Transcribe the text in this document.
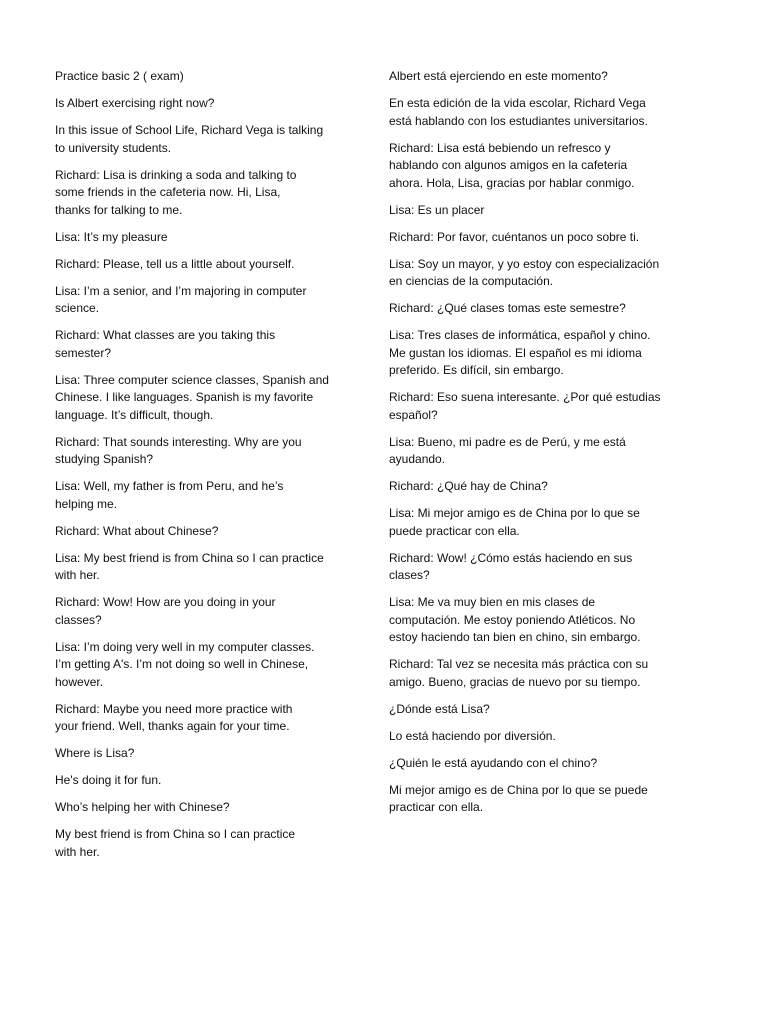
Practice basic 2 ( exam)

Is Albert exercising right now?

In this issue of School Life, Richard Vega is talking
to university students.

Richard: Lisa is drinking a soda and talking to
some friends in the cafeteria now. Hi, Lisa,
thanks for talking to me.

Lisa: It’s my pleasure

Richard: Please, tell us a little about yourself.

Lisa: I’m a senior, and I’m majoring in computer
science.

Richard: What classes are you taking this
semester?

Lisa: Three computer science classes, Spanish and
Chinese. I like languages. Spanish is my favorite
language. It’s difficult, though.

Richard: That sounds interesting. Why are you
studying Spanish?

Lisa: Well, my father is from Peru, and he’s
helping me.

Richard: What about Chinese?

Lisa: My best friend is from China so I can practice
with her.

Richard: Wow! How are you doing in your
classes?

Lisa: I’m doing very well in my computer classes.
I’m getting A's. I’m not doing so well in Chinese,
however.

Richard: Maybe you need more practice with
your friend. Well, thanks again for your time.

Where is Lisa?

He's doing it for fun.

Who’s helping her with Chinese?

My best friend is from China so I can practice
with her.

Albert está ejerciendo en este momento?

En esta edición de la vida escolar, Richard Vega
está hablando con los estudiantes universitarios.

Richard: Lisa está bebiendo un refresco y
hablando con algunos amigos en la cafeteria
ahora. Hola, Lisa, gracias por hablar conmigo.

Lisa: Es un placer

Richard: Por favor, cuéntanos un poco sobre ti.

Lisa: Soy un mayor, y yo estoy con especialización
en ciencias de la computación.

Richard: ¿Qué clases tomas este semestre?

Lisa: Tres clases de informática, español y chino.
Me gustan los idiomas. El español es mi idioma
preferido. Es difícil, sin embargo.

Richard: Eso suena interesante. ¿Por qué estudias
español?

Lisa: Bueno, mi padre es de Perú, y me está
ayudando.

Richard: ¿Qué hay de China?

Lisa: Mi mejor amigo es de China por lo que se
puede practicar con ella.

Richard: Wow! ¿Cómo estás haciendo en sus
clases?

Lisa: Me va muy bien en mis clases de
computación. Me estoy poniendo Atléticos. No
estoy haciendo tan bien en chino, sin embargo.

Richard: Tal vez se necesita más práctica con su
amigo. Bueno, gracias de nuevo por su tiempo.

¿Dónde está Lisa?

Lo está haciendo por diversión.

¿Quién le está ayudando con el chino?

Mi mejor amigo es de China por lo que se puede
practicar con ella.
